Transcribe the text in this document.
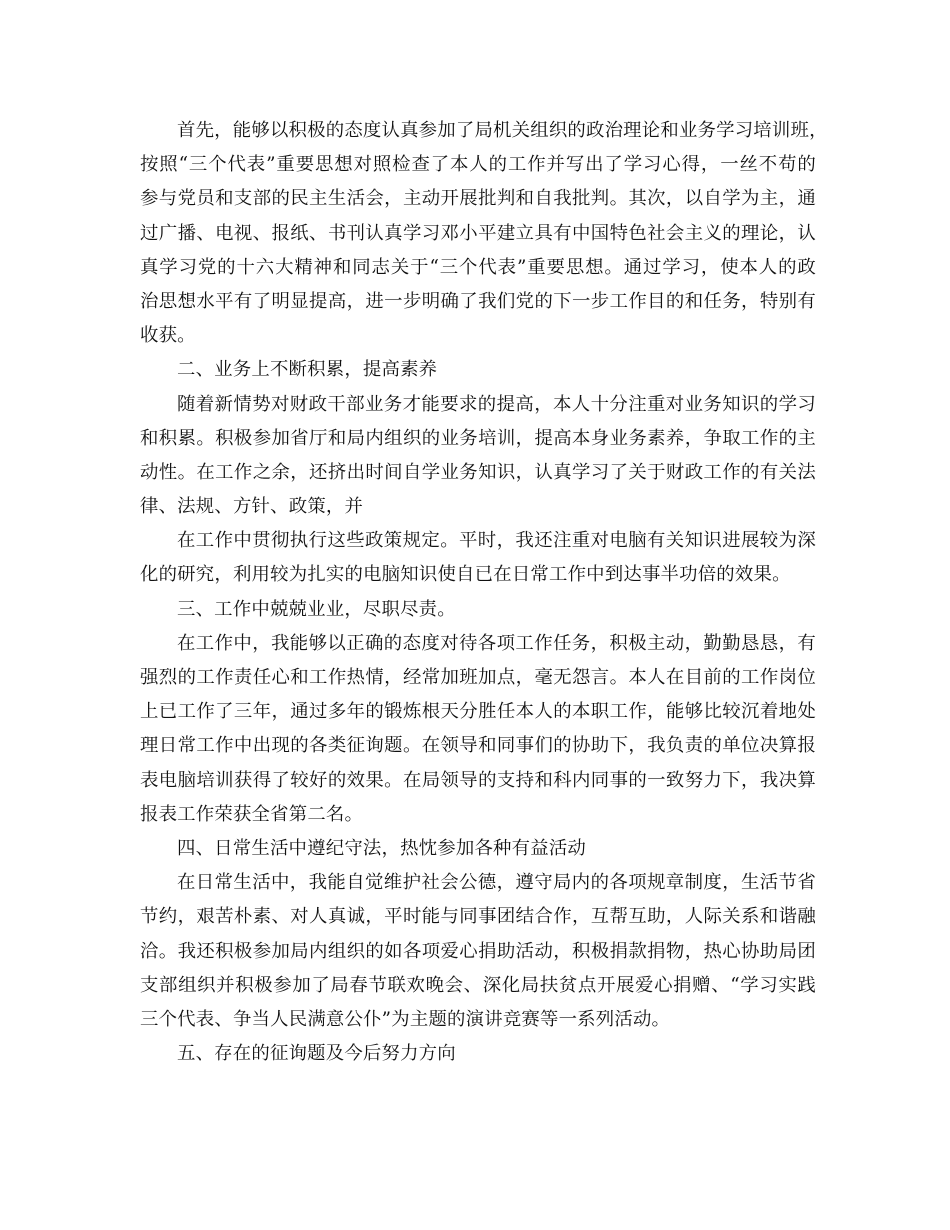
首先，能够以积极的态度认真参加了局机关组织的政治理论和业务学习培训班，
按照“三个代表”重要思想对照检查了本人的工作并写出了学习心得，一丝不苟的
参与党员和支部的民主生活会，主动开展批判和自我批判。其次，以自学为主，通
过广播、电视、报纸、书刊认真学习邓小平建立具有中国特色社会主义的理论，认
真学习党的十六大精神和同志关于“三个代表”重要思想。通过学习，使本人的政
治思想水平有了明显提高，进一步明确了我们党的下一步工作目的和任务，特别有
收获。
二、业务上不断积累，提高素养
随着新情势对财政干部业务才能要求的提高，本人十分注重对业务知识的学习
和积累。积极参加省厅和局内组织的业务培训，提高本身业务素养，争取工作的主
动性。在工作之余，还挤出时间自学业务知识，认真学习了关于财政工作的有关法
律、法规、方针、政策，并
在工作中贯彻执行这些政策规定。平时，我还注重对电脑有关知识进展较为深
化的研究，利用较为扎实的电脑知识使自已在日常工作中到达事半功倍的效果。
三、工作中兢兢业业，尽职尽责。
在工作中，我能够以正确的态度对待各项工作任务，积极主动，勤勤恳恳，有
强烈的工作责任心和工作热情，经常加班加点，毫无怨言。本人在目前的工作岗位
上已工作了三年，通过多年的锻炼根天分胜任本人的本职工作，能够比较沉着地处
理日常工作中出现的各类征询题。在领导和同事们的协助下，我负责的单位决算报
表电脑培训获得了较好的效果。在局领导的支持和科内同事的一致努力下，我决算
报表工作荣获全省第二名。
四、日常生活中遵纪守法，热忱参加各种有益活动
在日常生活中，我能自觉维护社会公德，遵守局内的各项规章制度，生活节省
节约，艰苦朴素、对人真诚，平时能与同事团结合作，互帮互助，人际关系和谐融
洽。我还积极参加局内组织的如各项爱心捐助活动，积极捐款捐物，热心协助局团
支部组织并积极参加了局春节联欢晚会、深化局扶贫点开展爱心捐赠、“学习实践
三个代表、争当人民满意公仆”为主题的演讲竞赛等一系列活动。
五、存在的征询题及今后努力方向
